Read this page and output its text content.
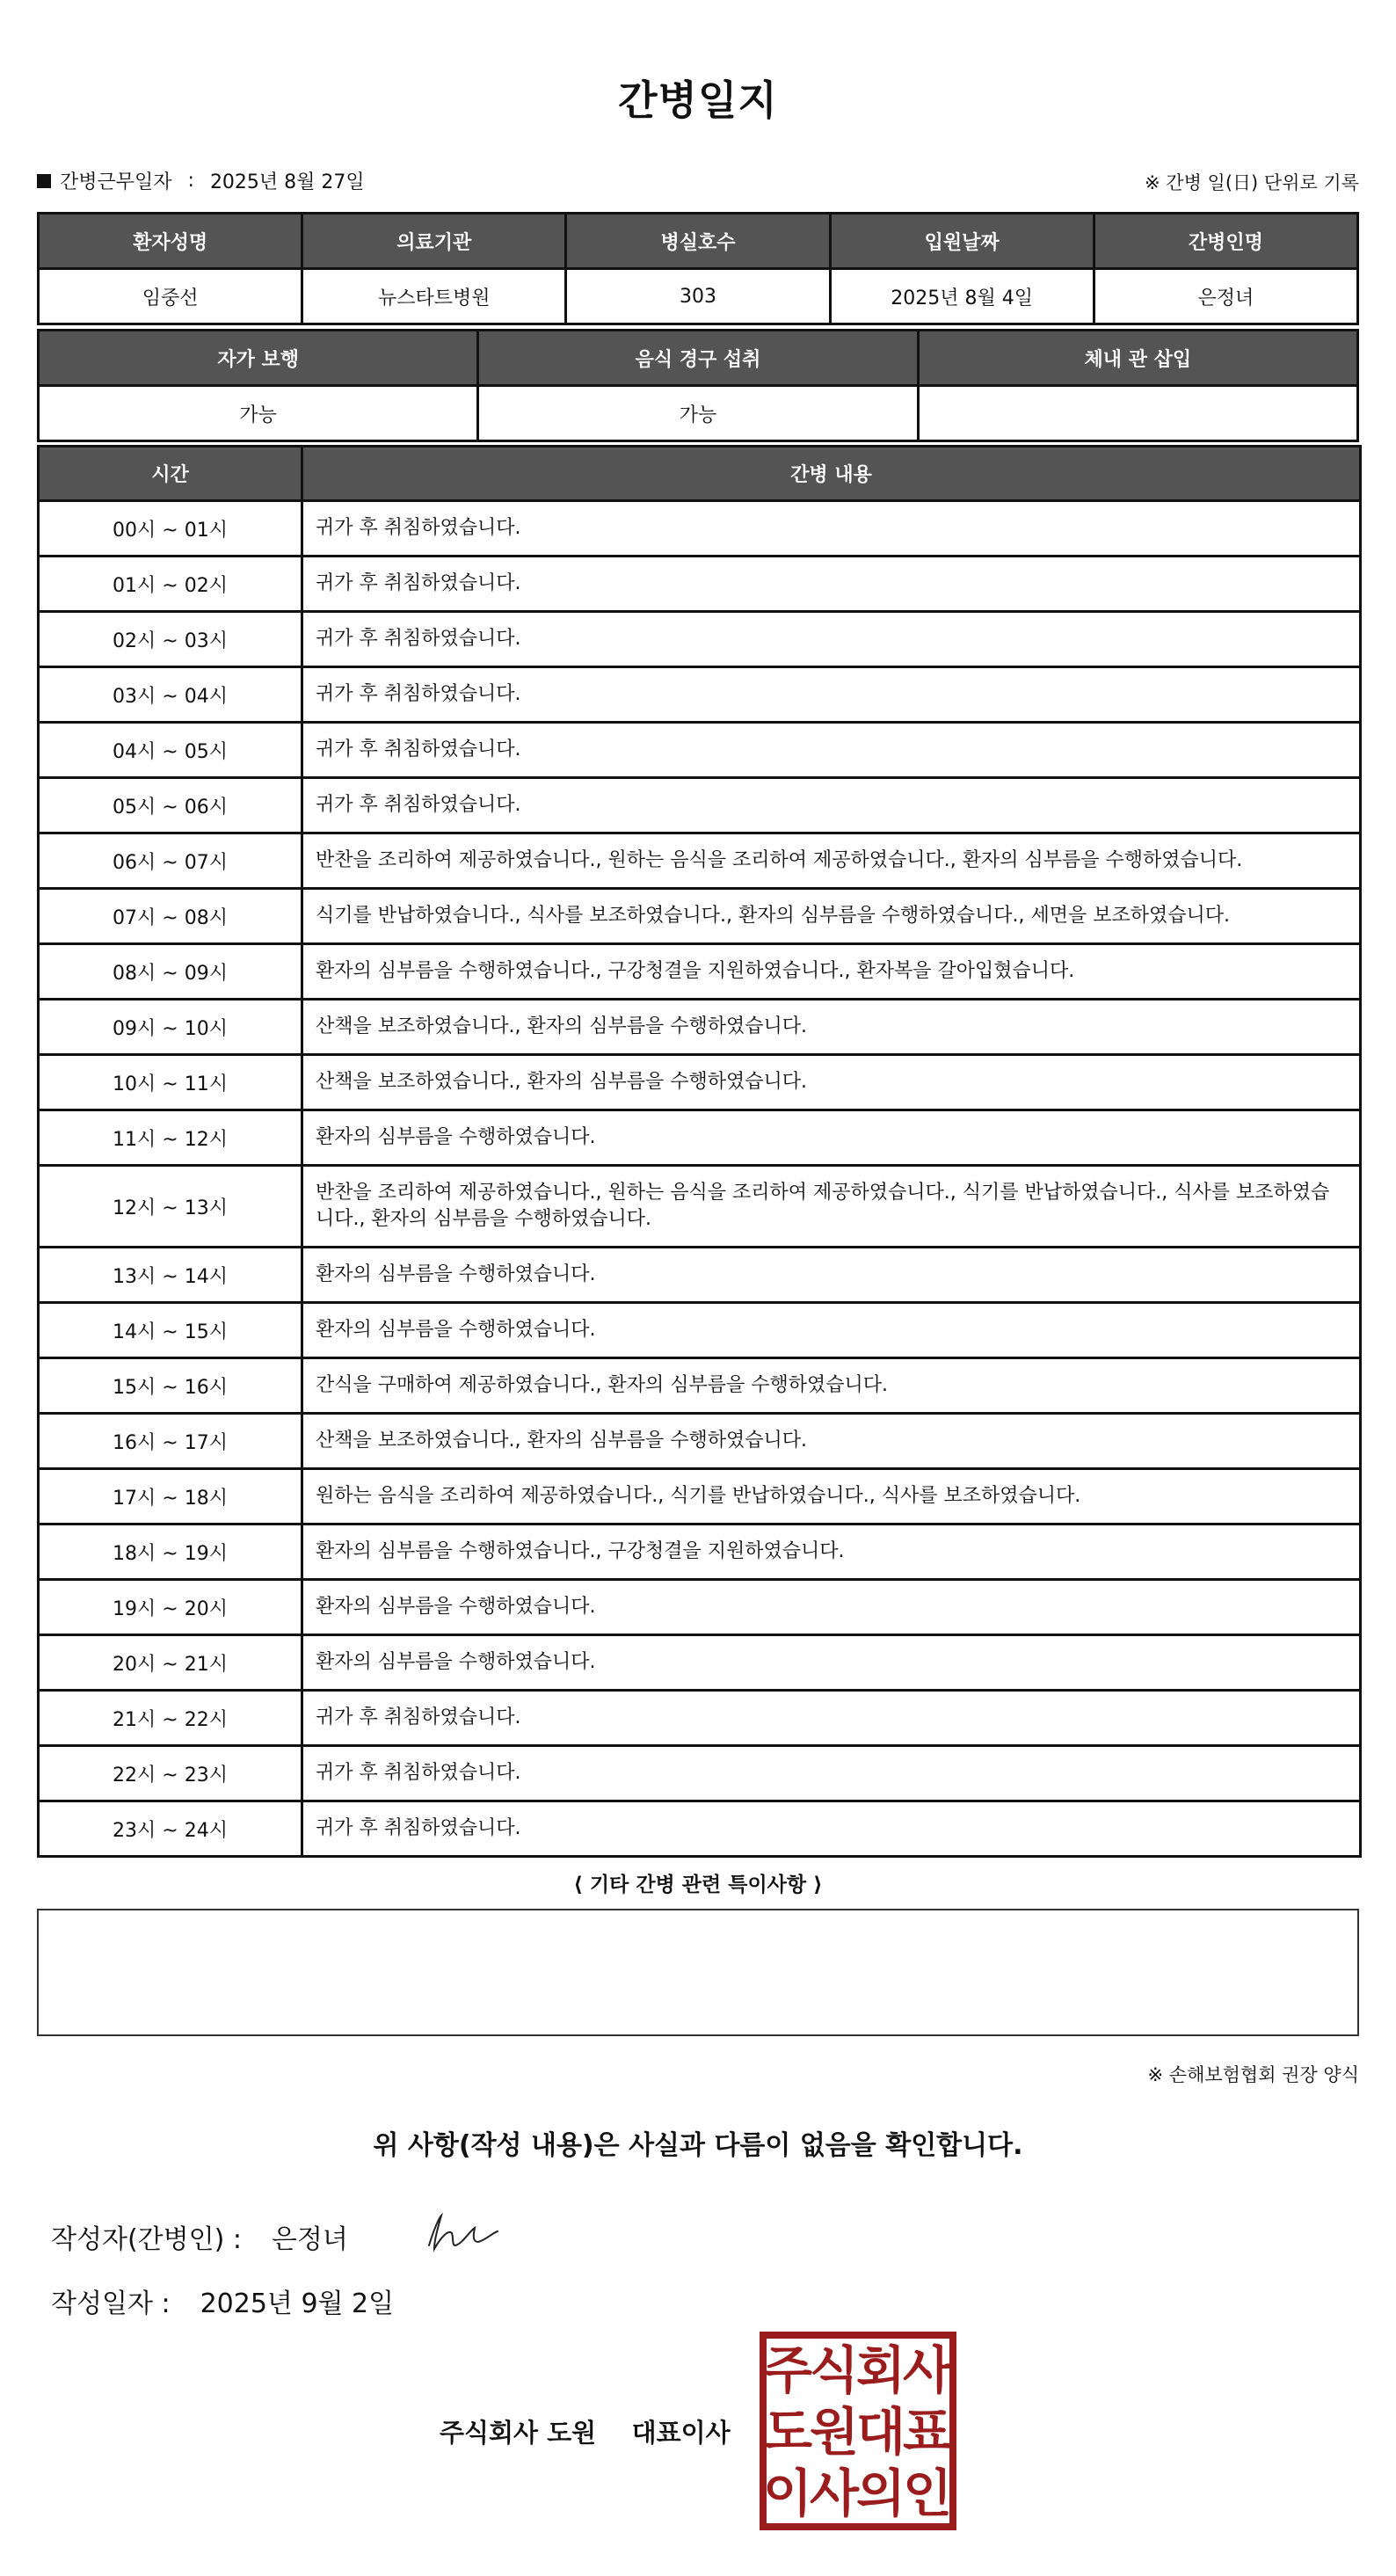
간병일지
간병근무일자 : 2025년 8월 27일	※ 간병 일(日) 단위로 기록
환자성명	의료기관	병실호수	입원날짜	간병인명
임중선	뉴스타트병원	303	2025년 8월 4일	은정녀
자가 보행	음식 경구 섭취	체내 관 삽입
가능	가능	
시간	간병 내용
00시 ~ 01시	귀가 후 취침하였습니다.
01시 ~ 02시	귀가 후 취침하였습니다.
02시 ~ 03시	귀가 후 취침하였습니다.
03시 ~ 04시	귀가 후 취침하였습니다.
04시 ~ 05시	귀가 후 취침하였습니다.
05시 ~ 06시	귀가 후 취침하였습니다.
06시 ~ 07시	반찬을 조리하여 제공하였습니다., 원하는 음식을 조리하여 제공하였습니다., 환자의 심부름을 수행하였습니다.
07시 ~ 08시	식기를 반납하였습니다., 식사를 보조하였습니다., 환자의 심부름을 수행하였습니다., 세면을 보조하였습니다.
08시 ~ 09시	환자의 심부름을 수행하였습니다., 구강청결을 지원하였습니다., 환자복을 갈아입혔습니다.
09시 ~ 10시	산책을 보조하였습니다., 환자의 심부름을 수행하였습니다.
10시 ~ 11시	산책을 보조하였습니다., 환자의 심부름을 수행하였습니다.
11시 ~ 12시	환자의 심부름을 수행하였습니다.
12시 ~ 13시	반찬을 조리하여 제공하였습니다., 원하는 음식을 조리하여 제공하였습니다., 식기를 반납하였습니다., 식사를 보조하였습니다., 환자의 심부름을 수행하였습니다.
13시 ~ 14시	환자의 심부름을 수행하였습니다.
14시 ~ 15시	환자의 심부름을 수행하였습니다.
15시 ~ 16시	간식을 구매하여 제공하였습니다., 환자의 심부름을 수행하였습니다.
16시 ~ 17시	산책을 보조하였습니다., 환자의 심부름을 수행하였습니다.
17시 ~ 18시	원하는 음식을 조리하여 제공하였습니다., 식기를 반납하였습니다., 식사를 보조하였습니다.
18시 ~ 19시	환자의 심부름을 수행하였습니다., 구강청결을 지원하였습니다.
19시 ~ 20시	환자의 심부름을 수행하였습니다.
20시 ~ 21시	환자의 심부름을 수행하였습니다.
21시 ~ 22시	귀가 후 취침하였습니다.
22시 ~ 23시	귀가 후 취침하였습니다.
23시 ~ 24시	귀가 후 취침하였습니다.
⟨ 기타 간병 관련 특이사항 ⟩
※ 손해보험협회 권장 양식
위 사항(작성 내용)은 사실과 다름이 없음을 확인합니다.
작성자(간병인) : 은정녀
작성일자 : 2025년 9월 2일
주식회사 도원    대표이사
주
식
회
사
도
원
대
표
이
사
의
인
